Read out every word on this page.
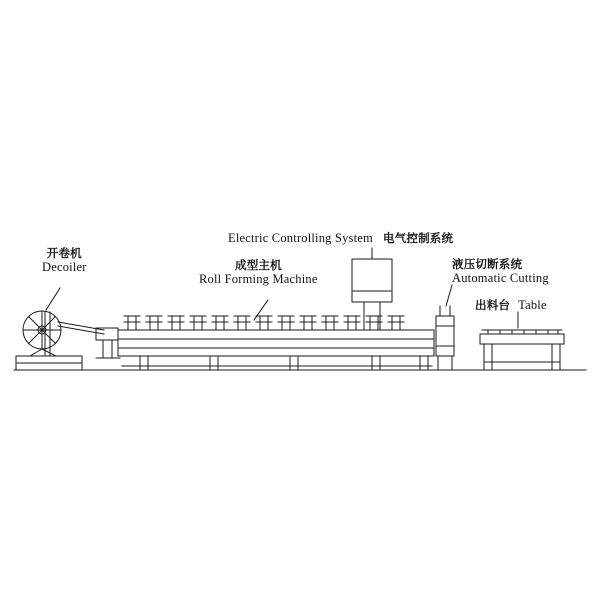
开卷机
Decoiler	成型主机
Roll Forming Machine
Electric Controlling System 电气控制系统
液压切断系统
Automatic Cutting
出料台 Table
